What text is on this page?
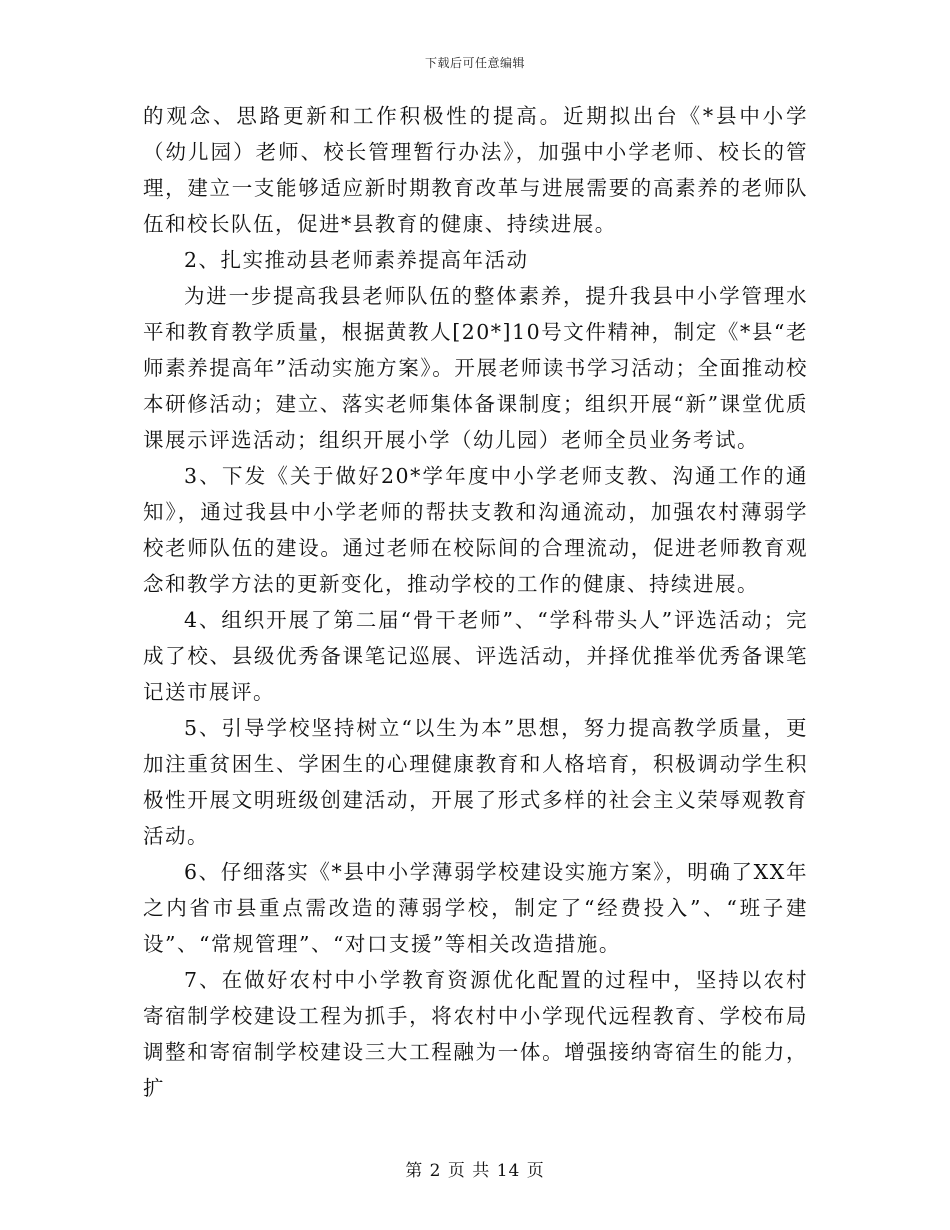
下载后可任意编辑

的观念、思路更新和工作积极性的提高。近期拟出台《*县中小学（幼儿园）老师、校长管理暂行办法》，加强中小学老师、校长的管理，建立一支能够适应新时期教育改革与进展需要的高素养的老师队伍和校长队伍，促进*县教育的健康、持续进展。

2、扎实推动县老师素养提高年活动

为进一步提高我县老师队伍的整体素养，提升我县中小学管理水平和教育教学质量，根据黄教人[20*]10号文件精神，制定《*县“老师素养提高年”活动实施方案》。开展老师读书学习活动；全面推动校本研修活动；建立、落实老师集体备课制度；组织开展“新”课堂优质课展示评选活动；组织开展小学（幼儿园）老师全员业务考试。

3、下发《关于做好20*学年度中小学老师支教、沟通工作的通知》，通过我县中小学老师的帮扶支教和沟通流动，加强农村薄弱学校老师队伍的建设。通过老师在校际间的合理流动，促进老师教育观念和教学方法的更新变化，推动学校的工作的健康、持续进展。

4、组织开展了第二届“骨干老师”、“学科带头人”评选活动；完成了校、县级优秀备课笔记巡展、评选活动，并择优推举优秀备课笔记送市展评。

5、引导学校坚持树立“以生为本”思想，努力提高教学质量，更加注重贫困生、学困生的心理健康教育和人格培育，积极调动学生积极性开展文明班级创建活动，开展了形式多样的社会主义荣辱观教育活动。

6、仔细落实《*县中小学薄弱学校建设实施方案》，明确了XX年之内省市县重点需改造的薄弱学校，制定了“经费投入”、“班子建设”、“常规管理”、“对口支援”等相关改造措施。

7、在做好农村中小学教育资源优化配置的过程中，坚持以农村寄宿制学校建设工程为抓手，将农村中小学现代远程教育、学校布局调整和寄宿制学校建设三大工程融为一体。增强接纳寄宿生的能力，扩

第 2 页 共 14 页
